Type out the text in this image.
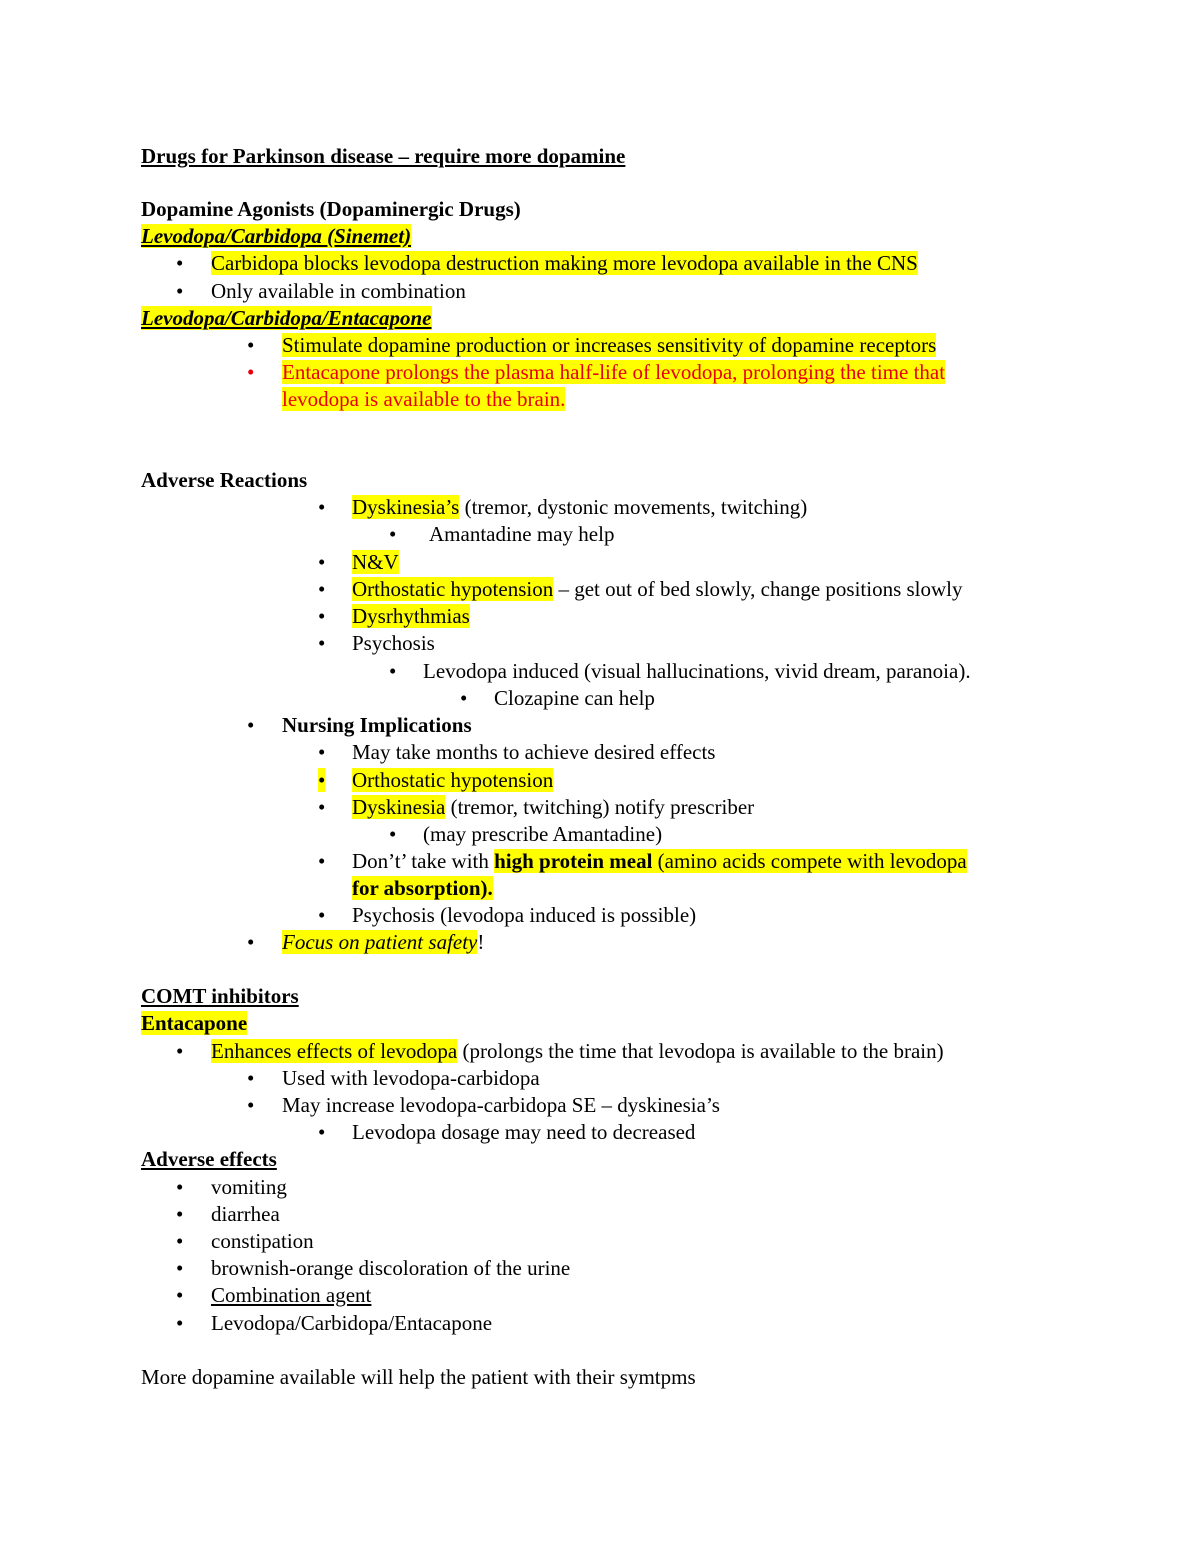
Drugs for Parkinson disease – require more dopamine
Dopamine Agonists (Dopaminergic Drugs)
Levodopa/Carbidopa (Sinemet)
• Carbidopa blocks levodopa destruction making more levodopa available in the CNS
• Only available in combination
Levodopa/Carbidopa/Entacapone
• Stimulate dopamine production or increases sensitivity of dopamine receptors
• Entacapone prolongs the plasma half-life of levodopa, prolonging the time that
levodopa is available to the brain.
Adverse Reactions
• Dyskinesia’s (tremor, dystonic movements, twitching)
• Amantadine may help
• N&V
• Orthostatic hypotension – get out of bed slowly, change positions slowly
• Dysrhythmias
• Psychosis
• Levodopa induced (visual hallucinations, vivid dream, paranoia).
• Clozapine can help
• Nursing Implications
• May take months to achieve desired effects
• Orthostatic hypotension
• Dyskinesia (tremor, twitching) notify prescriber
• (may prescribe Amantadine)
• Don’t’ take with high protein meal (amino acids compete with levodopa
for absorption).
• Psychosis (levodopa induced is possible)
• Focus on patient safety!
COMT inhibitors
Entacapone
• Enhances effects of levodopa (prolongs the time that levodopa is available to the brain)
• Used with levodopa-carbidopa
• May increase levodopa-carbidopa SE – dyskinesia’s
• Levodopa dosage may need to decreased
Adverse effects
• vomiting
• diarrhea
• constipation
• brownish-orange discoloration of the urine
• Combination agent
• Levodopa/Carbidopa/Entacapone
More dopamine available will help the patient with their symtpms
